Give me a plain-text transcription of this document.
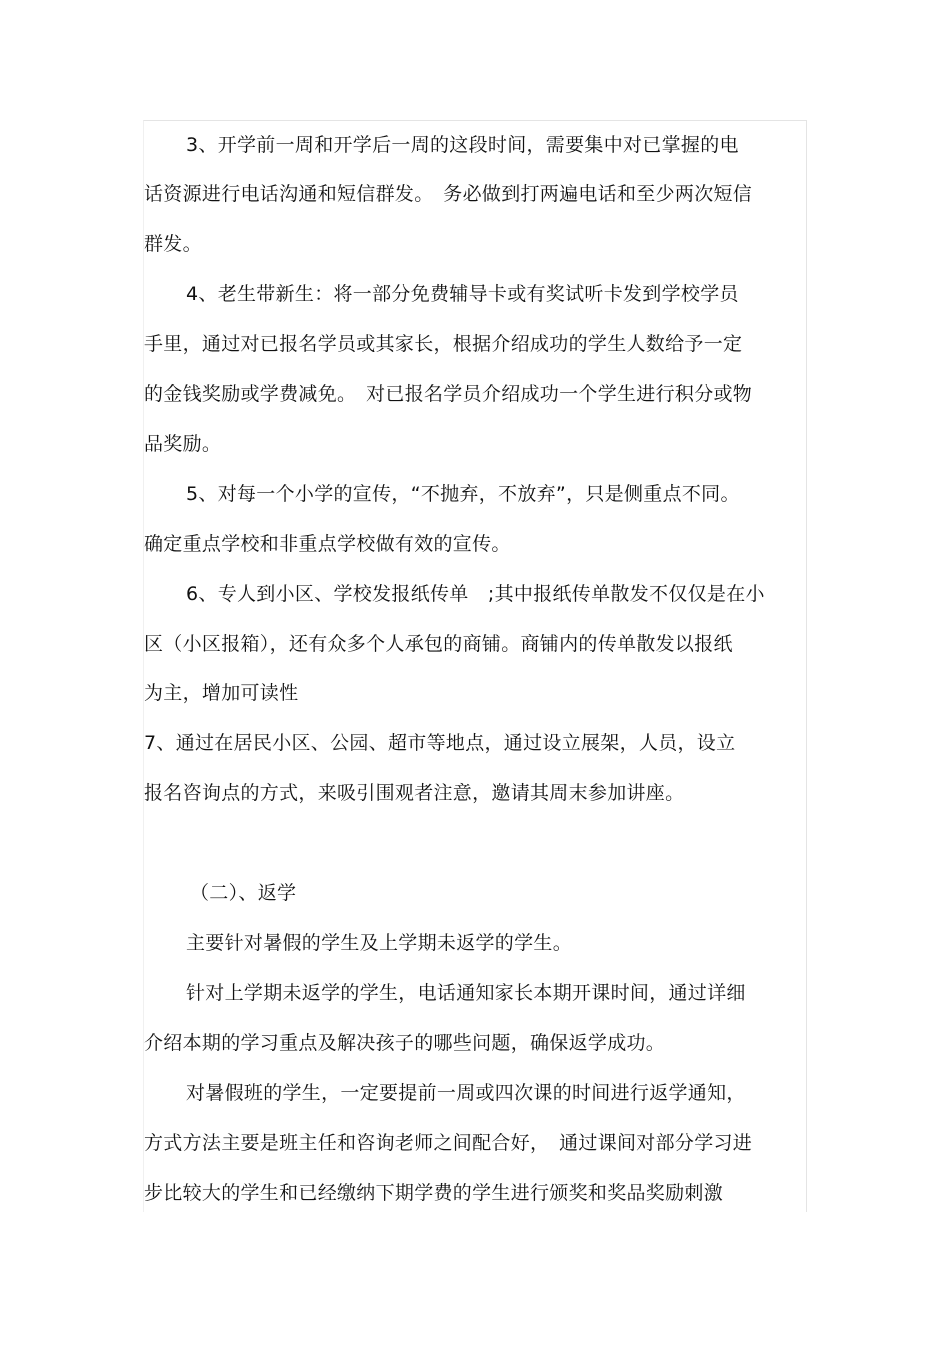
3、开学前一周和开学后一周的这段时间，需要集中对已掌握的电
话资源进行电话沟通和短信群发。　务必做到打两遍电话和至少两次短信
群发。
4、老生带新生：将一部分免费辅导卡或有奖试听卡发到学校学员
手里，通过对已报名学员或其家长，根据介绍成功的学生人数给予一定
的金钱奖励或学费减免。　对已报名学员介绍成功一个学生进行积分或物
品奖励。
5、对每一个小学的宣传，“不抛弃，不放弃”，只是侧重点不同。
确定重点学校和非重点学校做有效的宣传。
6、专人到小区、学校发报纸传单　;其中报纸传单散发不仅仅是在小
区（小区报箱），还有众多个人承包的商铺。商铺内的传单散发以报纸
为主，增加可读性
7、通过在居民小区、公园、超市等地点，通过设立展架，人员，设立
报名咨询点的方式，来吸引围观者注意，邀请其周末参加讲座。
（二）、返学
主要针对暑假的学生及上学期未返学的学生。
针对上学期未返学的学生，电话通知家长本期开课时间，通过详细
介绍本期的学习重点及解决孩子的哪些问题，确保返学成功。
对暑假班的学生，一定要提前一周或四次课的时间进行返学通知，
方式方法主要是班主任和咨询老师之间配合好，　通过课间对部分学习进
步比较大的学生和已经缴纳下期学费的学生进行颁奖和奖品奖励刺激
